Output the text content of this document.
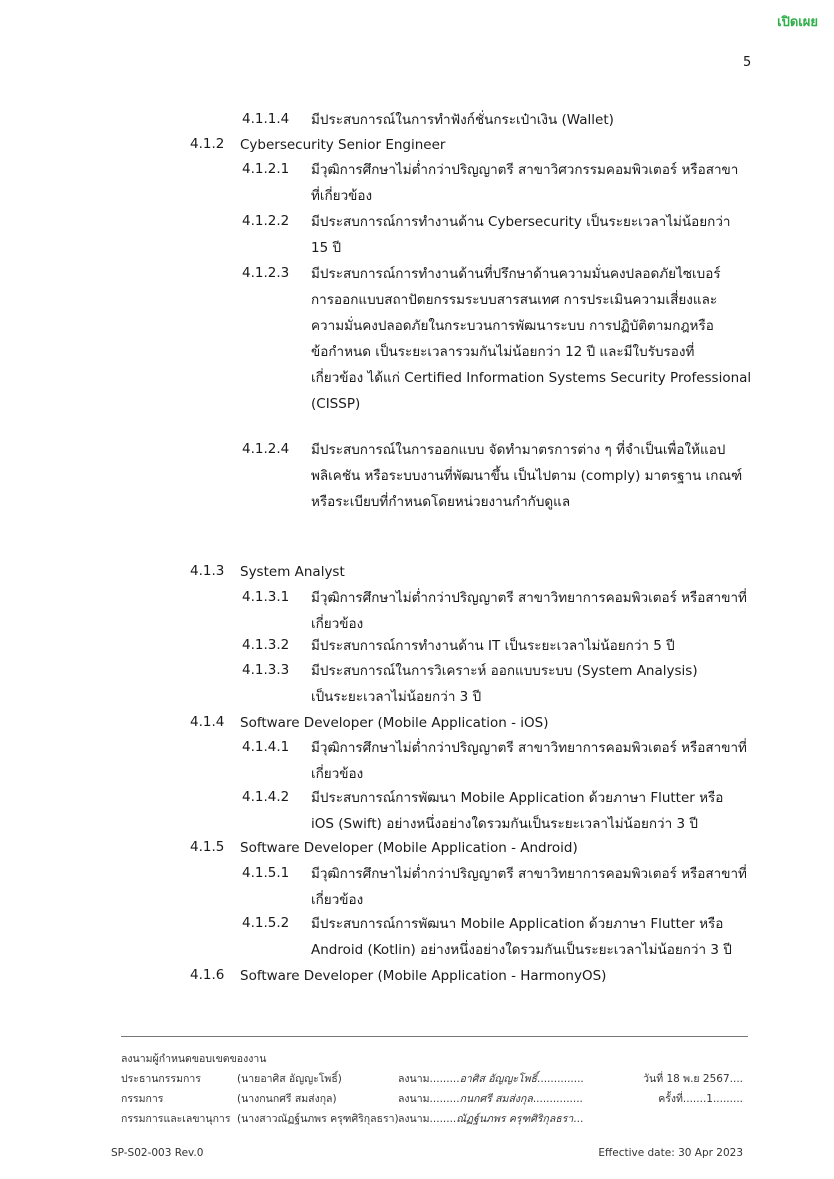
เปิดเผย
5
4.1.1.4 มีประสบการณ์ในการทำฟังก์ชั่นกระเป๋าเงิน (Wallet)
4.1.2 Cybersecurity Senior Engineer
4.1.2.1 มีวุฒิการศึกษาไม่ต่ำกว่าปริญญาตรี สาขาวิศวกรรมคอมพิวเตอร์ หรือสาขา
ที่เกี่ยวข้อง
4.1.2.2 มีประสบการณ์การทำงานด้าน Cybersecurity เป็นระยะเวลาไม่น้อยกว่า
15 ปี
4.1.2.3 มีประสบการณ์การทำงานด้านที่ปรึกษาด้านความมั่นคงปลอดภัยไซเบอร์
การออกแบบสถาปัตยกรรมระบบสารสนเทศ การประเมินความเสี่ยงและ
ความมั่นคงปลอดภัยในกระบวนการพัฒนาระบบ การปฏิบัติตามกฎหรือ
ข้อกำหนด เป็นระยะเวลารวมกันไม่น้อยกว่า 12 ปี และมีใบรับรองที่
เกี่ยวข้อง ได้แก่ Certified Information Systems Security Professional
(CISSP)
4.1.2.4 มีประสบการณ์ในการออกแบบ จัดทำมาตรการต่าง ๆ ที่จำเป็นเพื่อให้แอป
พลิเคชัน หรือระบบงานที่พัฒนาขึ้น เป็นไปตาม (comply) มาตรฐาน เกณฑ์
หรือระเบียบที่กำหนดโดยหน่วยงานกำกับดูแล
4.1.3 System Analyst
4.1.3.1 มีวุฒิการศึกษาไม่ต่ำกว่าปริญญาตรี สาขาวิทยาการคอมพิวเตอร์ หรือสาขาที่
เกี่ยวข้อง
4.1.3.2 มีประสบการณ์การทำงานด้าน IT เป็นระยะเวลาไม่น้อยกว่า 5 ปี
4.1.3.3 มีประสบการณ์ในการวิเคราะห์ ออกแบบระบบ (System Analysis)
เป็นระยะเวลาไม่น้อยกว่า 3 ปี
4.1.4 Software Developer (Mobile Application - iOS)
4.1.4.1 มีวุฒิการศึกษาไม่ต่ำกว่าปริญญาตรี สาขาวิทยาการคอมพิวเตอร์ หรือสาขาที่
เกี่ยวข้อง
4.1.4.2 มีประสบการณ์การพัฒนา Mobile Application ด้วยภาษา Flutter หรือ
iOS (Swift) อย่างหนึ่งอย่างใดรวมกันเป็นระยะเวลาไม่น้อยกว่า 3 ปี
4.1.5 Software Developer (Mobile Application - Android)
4.1.5.1 มีวุฒิการศึกษาไม่ต่ำกว่าปริญญาตรี สาขาวิทยาการคอมพิวเตอร์ หรือสาขาที่
เกี่ยวข้อง
4.1.5.2 มีประสบการณ์การพัฒนา Mobile Application ด้วยภาษา Flutter หรือ
Android (Kotlin) อย่างหนึ่งอย่างใดรวมกันเป็นระยะเวลาไม่น้อยกว่า 3 ปี
4.1.6 Software Developer (Mobile Application - HarmonyOS)
ลงนามผู้กำหนดขอบเขตของงาน
ประธานกรรมการ	(นายอาศิส อัญญะโพธิ์)	ลงนาม.........อาศิส อัญญะโพธิ์..............	วันที่ 18 พ.ย 2567....
กรรมการ	(นางกนกศรี สมส่งกุล)	ลงนาม.........กนกศรี สมส่งกุล...............	ครั้งที่.......1.........
กรรมการและเลขานุการ (นางสาวณัฏฐ์นภพร ครุฑศิริกุลธรา) ลงนาม........ณัฏฐ์นภพร ครุฑศิริกุลธรา...
SP-S02-003 Rev.0	Effective date: 30 Apr 2023
